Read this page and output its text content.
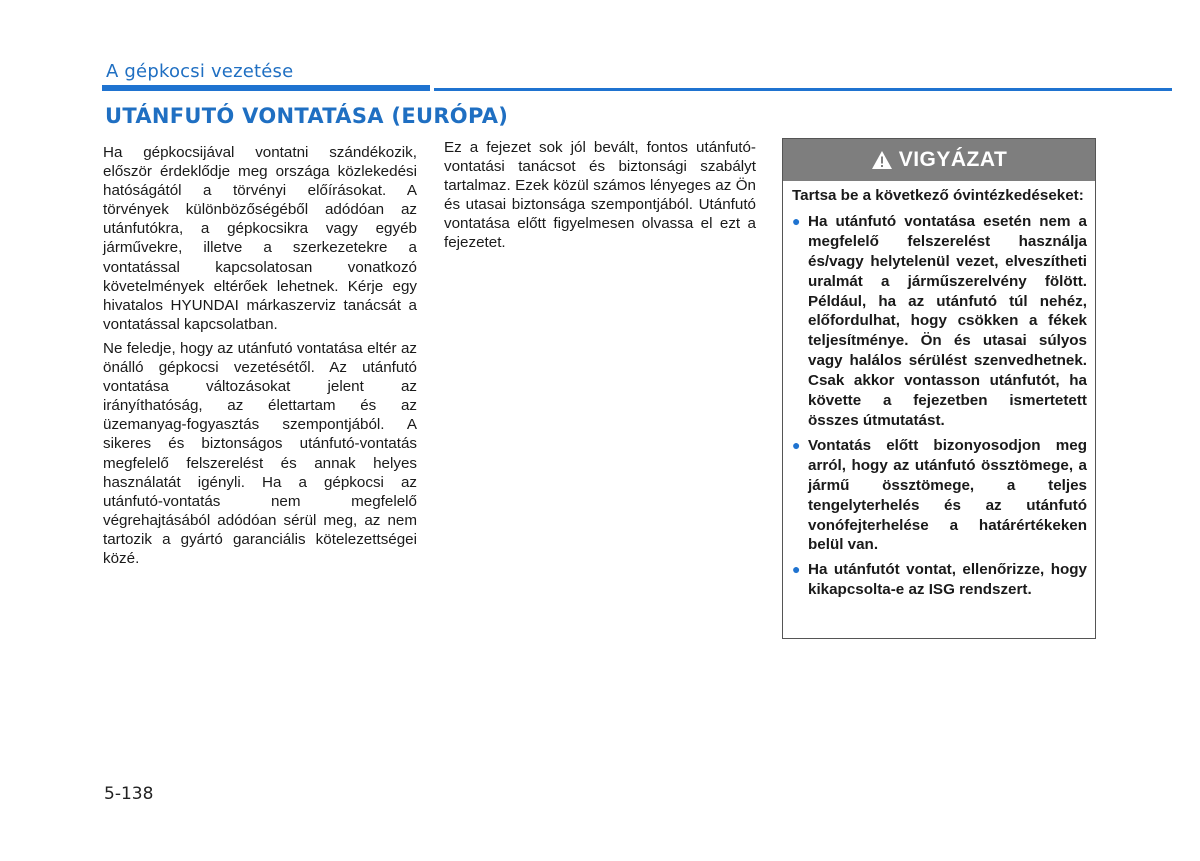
A gépkocsi vezetése
UTÁNFUTÓ VONTATÁSA (EURÓPA)

Ha gépkocsijával vontatni szándékozik, először érdeklődje meg országa közlekedési hatóságától a törvényi előírásokat. A törvények különbözőségéből adódóan az utánfutókra, a gépkocsikra vagy egyéb járművekre, illetve a szerkezetekre a vontatással kapcsolatosan vonatkozó követelmények eltérőek lehetnek. Kérje egy hivatalos HYUNDAI márkaszerviz tanácsát a vontatással kapcsolatban.

Ne feledje, hogy az utánfutó vontatása eltér az önálló gépkocsi vezetésétől. Az utánfutó vontatása változásokat jelent az irányíthatóság, az élettartam és az üzemanyag-fogyasztás szempontjából. A sikeres és biztonságos utánfutó-vontatás megfelelő felszerelést és annak helyes használatát igényli. Ha a gépkocsi az utánfutó-vontatás nem megfelelő végrehajtásából adódóan sérül meg, az nem tartozik a gyártó garanciális kötelezettségei közé.

Ez a fejezet sok jól bevált, fontos utánfutó-vontatási tanácsot és biztonsági szabályt tartalmaz. Ezek közül számos lényeges az Ön és utasai biztonsága szempontjából. Utánfutó vontatása előtt figyelmesen olvassa el ezt a fejezetet.

VIGYÁZAT
Tartsa be a következő óvintézkedéseket:
● Ha utánfutó vontatása esetén nem a megfelelő felszerelést használja és/vagy helytelenül vezet, elveszítheti uralmát a járműszerelvény fölött. Például, ha az utánfutó túl nehéz, előfordulhat, hogy csökken a fékek teljesítménye. Ön és utasai súlyos vagy halálos sérülést szenvedhetnek. Csak akkor vontasson utánfutót, ha követte a fejezetben ismertetett összes útmutatást.
● Vontatás előtt bizonyosodjon meg arról, hogy az utánfutó össztömege, a jármű össztömege, a teljes tengelyterhelés és az utánfutó vonófejterhelése a határértékeken belül van.
● Ha utánfutót vontat, ellenőrizze, hogy kikapcsolta-e az ISG rendszert.
5-138
